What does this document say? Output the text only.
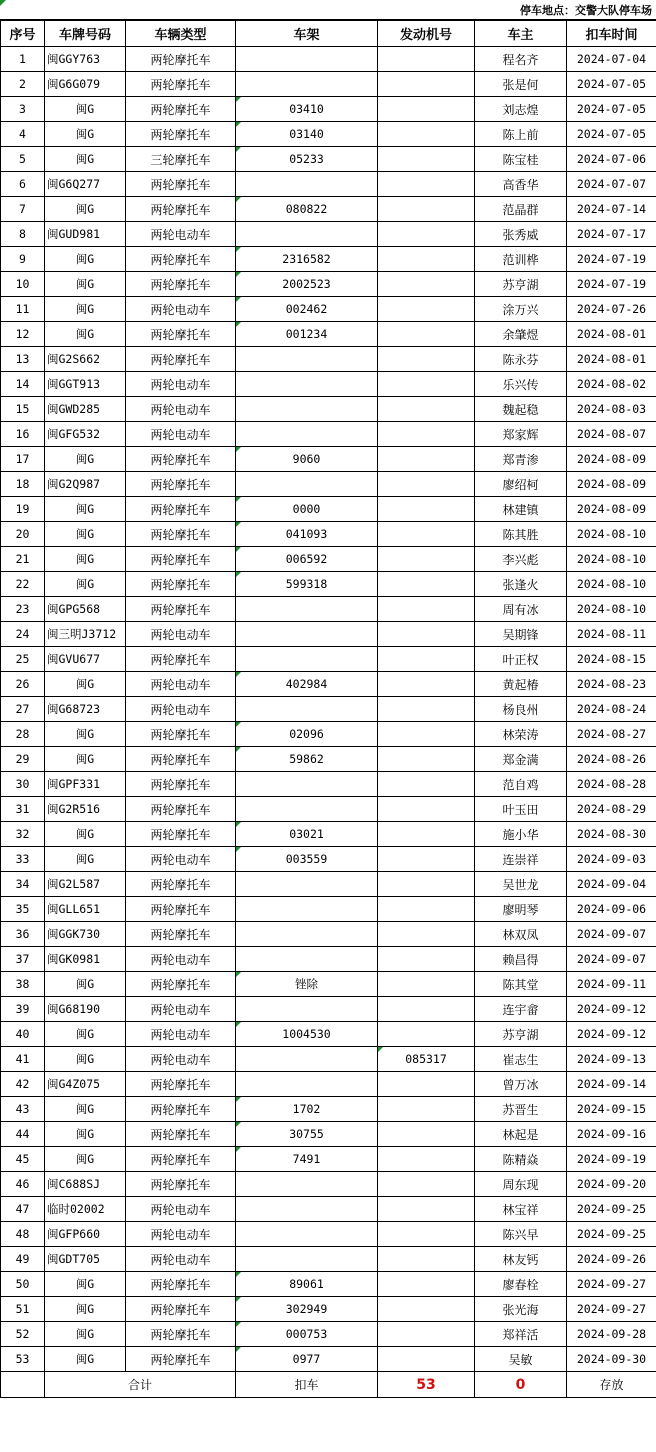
停车地点：交警大队停车场
序号	车牌号码	车辆类型	车架	发动机号	车主	扣车时间
1	闽GGY763	两轮摩托车			程名齐	2024-07-04
2	闽G6G079	两轮摩托车			张是何	2024-07-05
3	闽G	两轮摩托车	03410		刘志煌	2024-07-05
4	闽G	两轮摩托车	03140		陈上前	2024-07-05
5	闽G	三轮摩托车	05233		陈宝桂	2024-07-06
6	闽G6Q277	两轮摩托车			高香华	2024-07-07
7	闽G	两轮摩托车	080822		范晶群	2024-07-14
8	闽GUD981	两轮电动车			张秀威	2024-07-17
9	闽G	两轮摩托车	2316582		范训桦	2024-07-19
10	闽G	两轮摩托车	2002523		苏亨湖	2024-07-19
11	闽G	两轮电动车	002462		涂万兴	2024-07-26
12	闽G	两轮摩托车	001234		余肇煜	2024-08-01
13	闽G2S662	两轮摩托车			陈永芬	2024-08-01
14	闽GGT913	两轮电动车			乐兴传	2024-08-02
15	闽GWD285	两轮电动车			魏起稳	2024-08-03
16	闽GFG532	两轮电动车			郑家辉	2024-08-07
17	闽G	两轮摩托车	9060		郑青渗	2024-08-09
18	闽G2Q987	两轮摩托车			廖绍柯	2024-08-09
19	闽G	两轮摩托车	0000		林建镇	2024-08-09
20	闽G	两轮摩托车	041093		陈其胜	2024-08-10
21	闽G	两轮摩托车	006592		李兴彪	2024-08-10
22	闽G	两轮摩托车	599318		张逢火	2024-08-10
23	闽GPG568	两轮摩托车			周有冰	2024-08-10
24	闽三明J3712	两轮电动车			吴期锋	2024-08-11
25	闽GVU677	两轮摩托车			叶正权	2024-08-15
26	闽G	两轮电动车	402984		黄起椿	2024-08-23
27	闽G68723	两轮电动车			杨良州	2024-08-24
28	闽G	两轮摩托车	02096		林荣涛	2024-08-27
29	闽G	两轮摩托车	59862		郑金满	2024-08-26
30	闽GPF331	两轮摩托车			范自鸡	2024-08-28
31	闽G2R516	两轮摩托车			叶玉田	2024-08-29
32	闽G	两轮摩托车	03021		施小华	2024-08-30
33	闽G	两轮电动车	003559		连崇祥	2024-09-03
34	闽G2L587	两轮摩托车			吴世龙	2024-09-04
35	闽GLL651	两轮摩托车			廖明琴	2024-09-06
36	闽GGK730	两轮摩托车			林双凤	2024-09-07
37	闽GK0981	两轮电动车			赖昌得	2024-09-07
38	闽G	两轮摩托车	锉除		陈其堂	2024-09-11
39	闽G68190	两轮电动车			连宇畲	2024-09-12
40	闽G	两轮电动车	1004530		苏亨湖	2024-09-12
41	闽G	两轮电动车		085317	崔志生	2024-09-13
42	闽G4Z075	两轮摩托车			曾万冰	2024-09-14
43	闽G	两轮摩托车	1702		苏晋生	2024-09-15
44	闽G	两轮摩托车	30755		林起是	2024-09-16
45	闽G	两轮摩托车	7491		陈精焱	2024-09-19
46	闽C688SJ	两轮摩托车			周东现	2024-09-20
47	临时02002	两轮电动车			林宝祥	2024-09-25
48	闽GFP660	两轮电动车			陈兴早	2024-09-25
49	闽GDT705	两轮电动车			林友钙	2024-09-26
50	闽G	两轮摩托车	89061		廖春栓	2024-09-27
51	闽G	两轮摩托车	302949		张光海	2024-09-27
52	闽G	两轮摩托车	000753		郑祥活	2024-09-28
53	闽G	两轮摩托车	0977		吴敏	2024-09-30
	合计		扣车	53	0	存放
